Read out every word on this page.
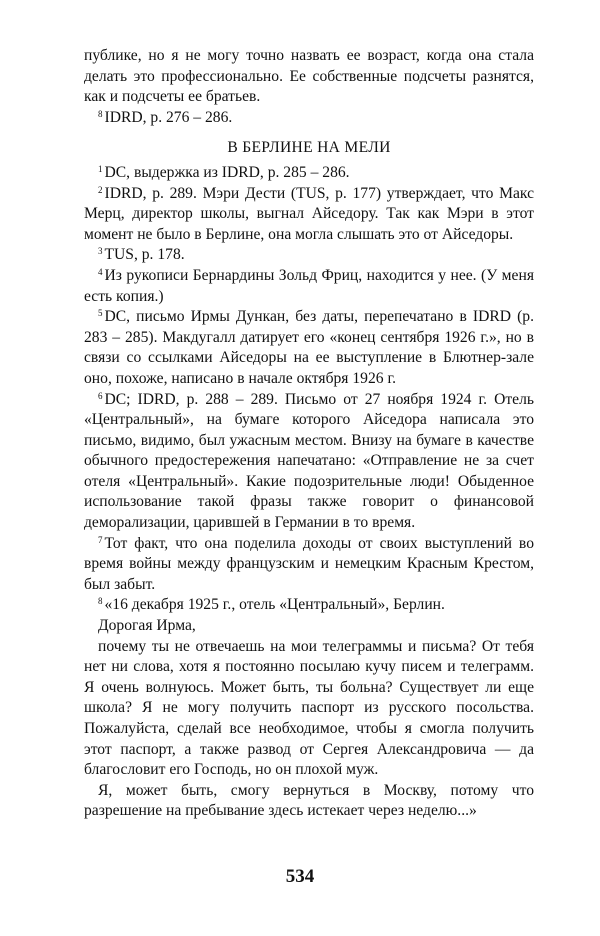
публике, но я не могу точно назвать ее возраст, когда она стала делать это профессионально. Ее собственные подсчеты разнятся, как и подсчеты ее братьев.

$^8$ IDRD, p. 276 – 286.

В БЕРЛИНЕ НА МЕЛИ

$^1$ DC, выдержка из IDRD, p. 285 – 286.

$^2$ IDRD, p. 289. Мэри Дести (TUS, p. 177) утверждает, что Макс Мерц, директор школы, выгнал Айседору. Так как Мэри в этот момент не было в Берлине, она могла слышать это от Айседоры.

$^3$ TUS, p. 178.

$^4$ Из рукописи Бернардины Зольд Фриц, находится у нее. (У меня есть копия.)

$^5$ DC, письмо Ирмы Дункан, без даты, перепечатано в IDRD (p. 283 – 285). Макдугалл датирует его «конец сентября 1926 г.», но в связи со ссылками Айседоры на ее выступление в Блютнер-зале оно, похоже, написано в начале октября 1926 г.

$^6$ DC; IDRD, p. 288 – 289. Письмо от 27 ноября 1924 г. Отель «Центральный», на бумаге которого Айседора написала это письмо, видимо, был ужасным местом. Внизу на бумаге в качестве обычного предостережения напечатано: «Отправление не за счет отеля «Центральный». Какие подозрительные люди! Обыденное использование такой фразы также говорит о финансовой деморализации, царившей в Германии в то время.

$^7$ Тот факт, что она поделила доходы от своих выступлений во время войны между французским и немецким Красным Крестом, был забыт.

$^8$ «16 декабря 1925 г., отель «Центральный», Берлин.

Дорогая Ирма,

почему ты не отвечаешь на мои телеграммы и письма? От тебя нет ни слова, хотя я постоянно посылаю кучу писем и телеграмм. Я очень волнуюсь. Может быть, ты больна? Существует ли еще школа? Я не могу получить паспорт из русского посольства. Пожалуйста, сделай все необходимое, чтобы я смогла получить этот паспорт, а также развод от Сергея Александровича — да благословит его Господь, но он плохой муж.

Я, может быть, смогу вернуться в Москву, потому что разрешение на пребывание здесь истекает через неделю...»

534
